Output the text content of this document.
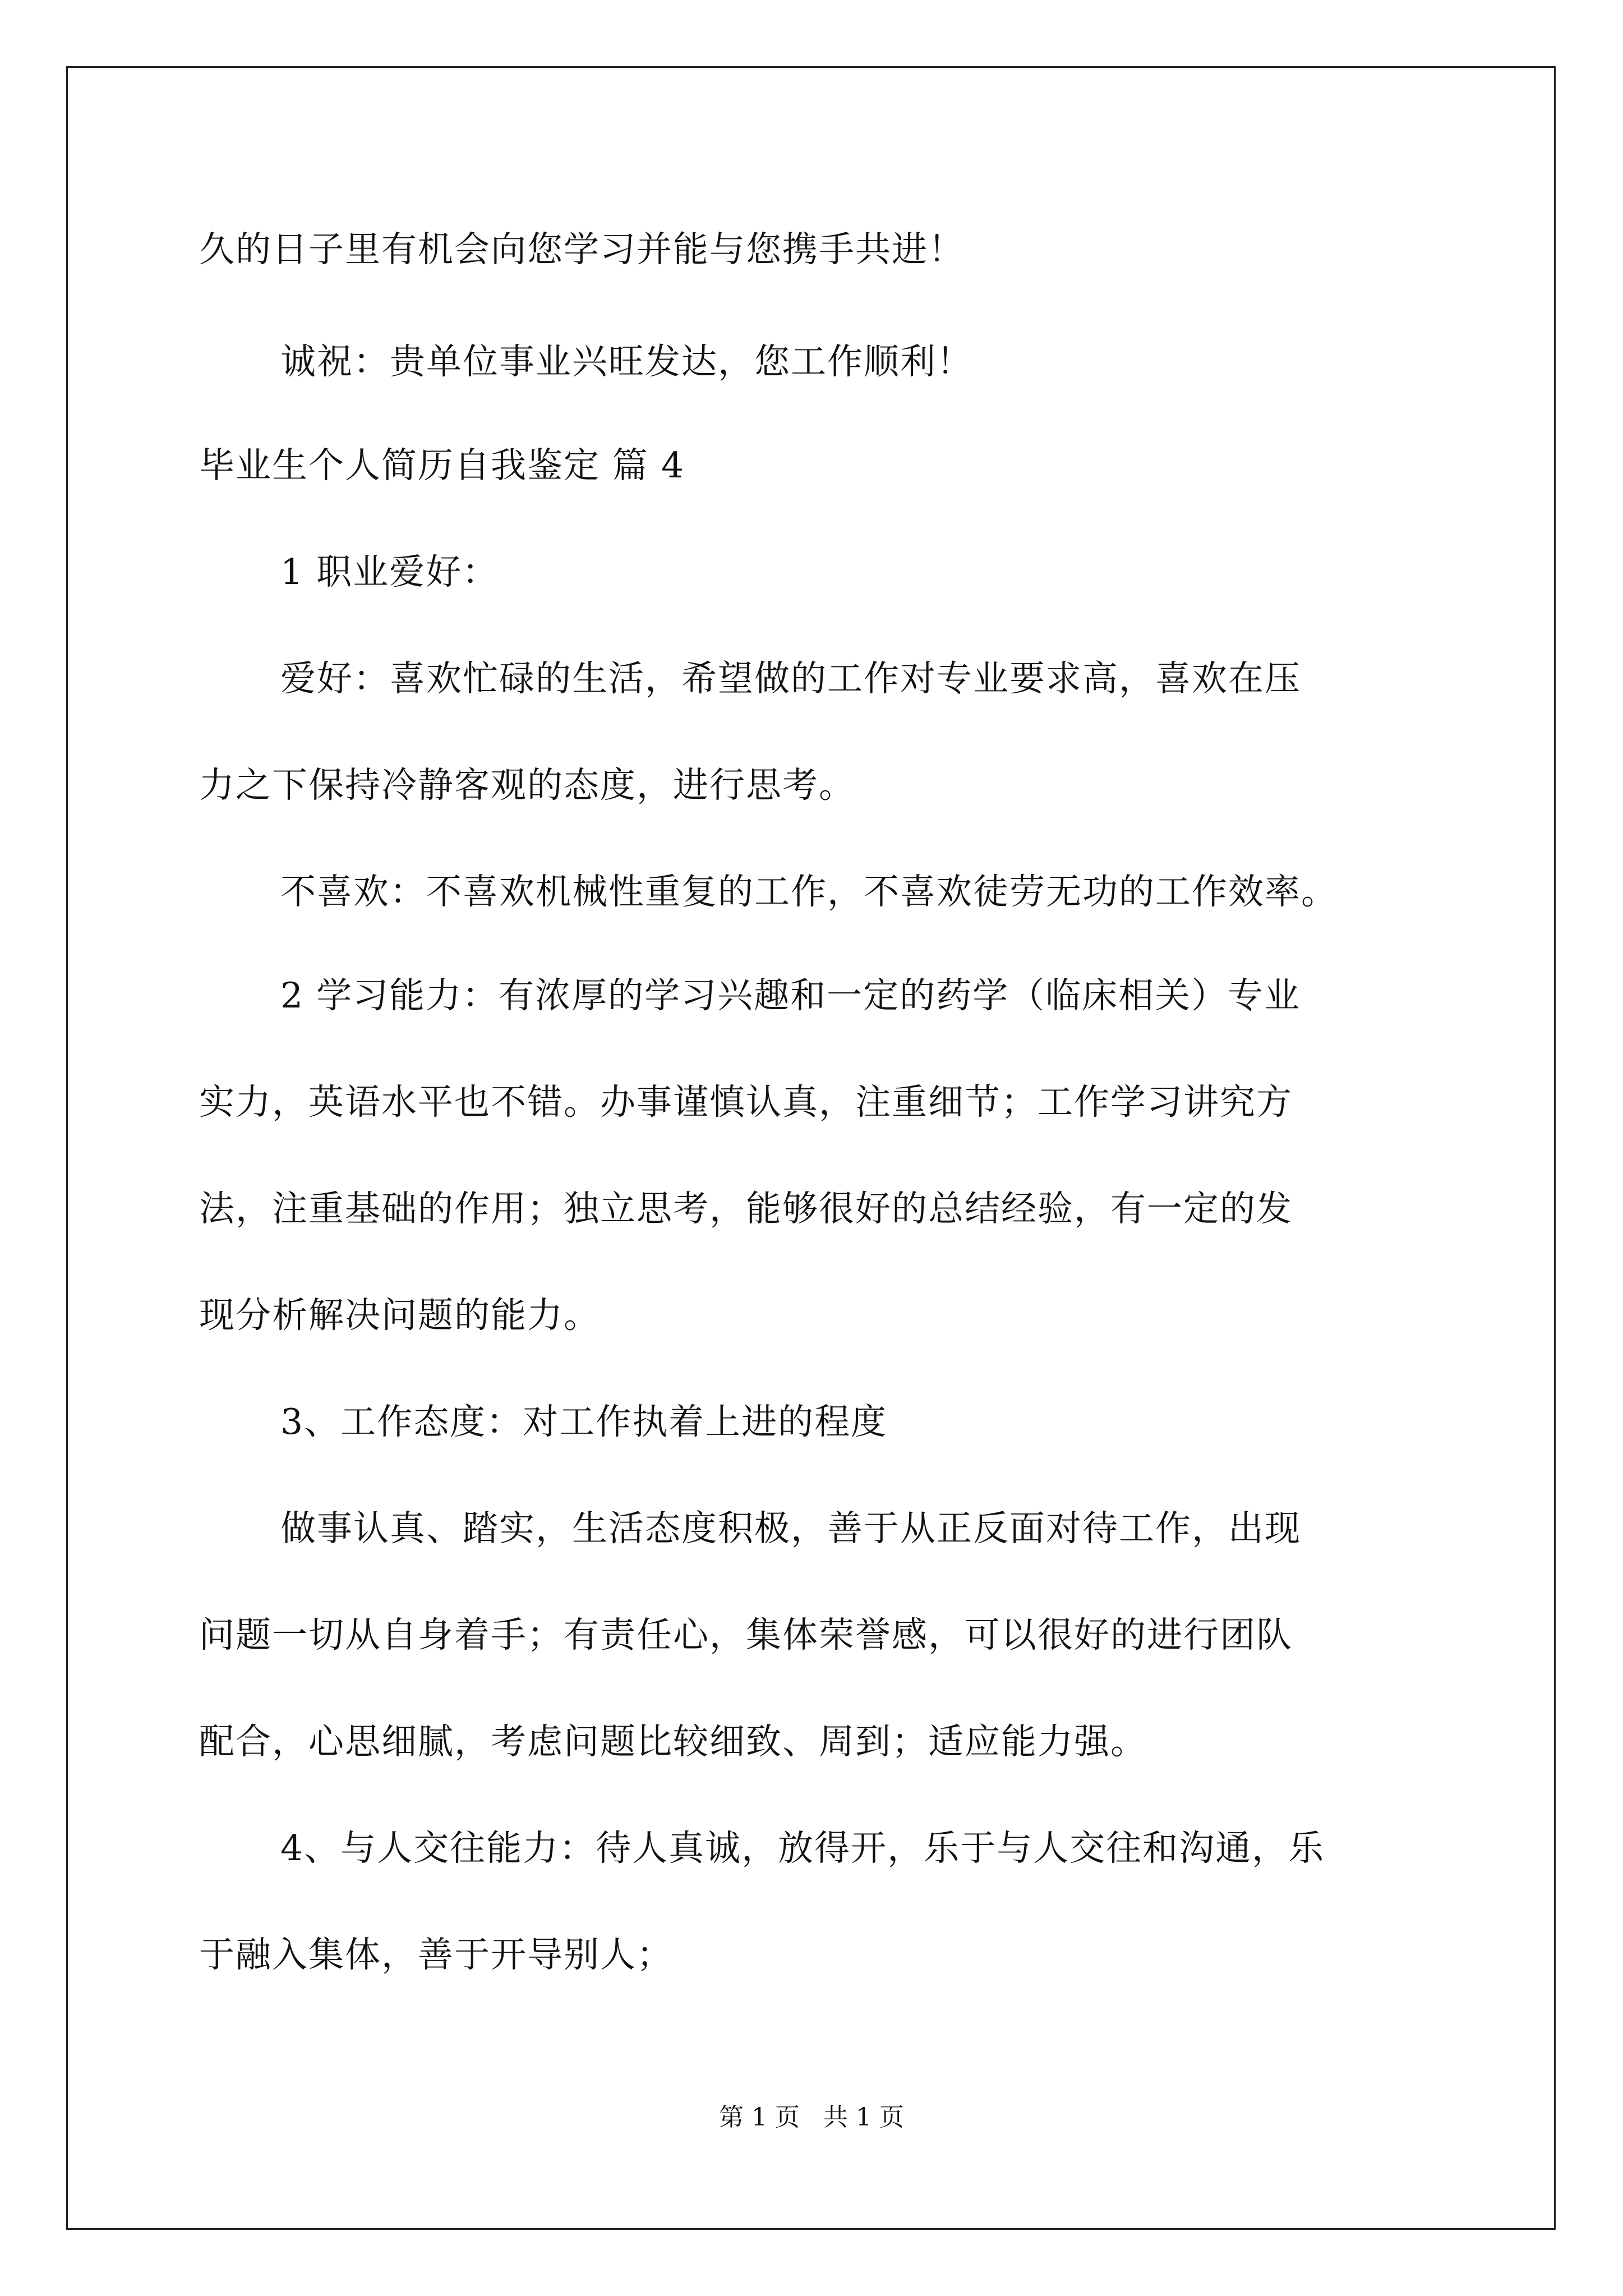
久的日子里有机会向您学习并能与您携手共进！
诚祝：贵单位事业兴旺发达，您工作顺利！
毕业生个人简历自我鉴定 篇 4
1 职业爱好：
爱好：喜欢忙碌的生活，希望做的工作对专业要求高，喜欢在压
力之下保持冷静客观的态度，进行思考。
不喜欢：不喜欢机械性重复的工作，不喜欢徒劳无功的工作效率。
2 学习能力：有浓厚的学习兴趣和一定的药学（临床相关）专业
实力，英语水平也不错。办事谨慎认真，注重细节；工作学习讲究方
法，注重基础的作用；独立思考，能够很好的总结经验，有一定的发
现分析解决问题的能力。
3、工作态度：对工作执着上进的程度
做事认真、踏实，生活态度积极，善于从正反面对待工作，出现
问题一切从自身着手；有责任心，集体荣誉感，可以很好的进行团队
配合，心思细腻，考虑问题比较细致、周到；适应能力强。
4、与人交往能力：待人真诚，放得开，乐于与人交往和沟通，乐
于融入集体，善于开导别人；
第 1 页   共 1 页
